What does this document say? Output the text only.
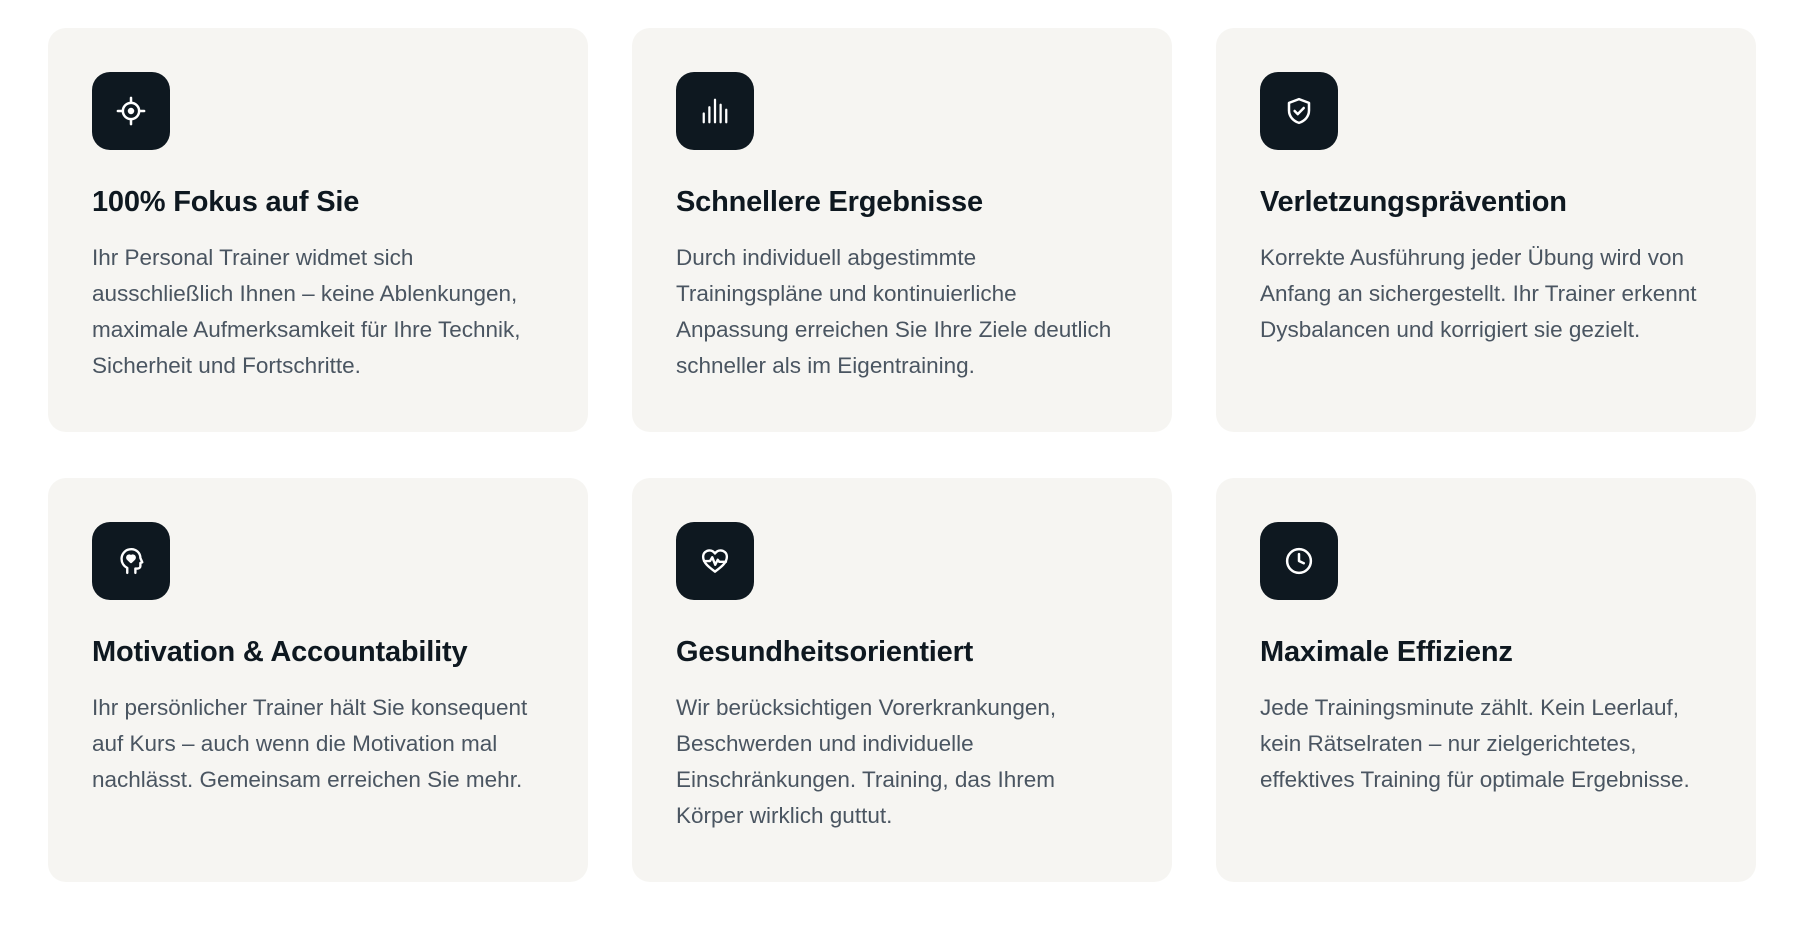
100% Fokus auf Sie

Ihr Personal Trainer widmet sich ausschließlich Ihnen – keine Ablenkungen, maximale Aufmerksamkeit für Ihre Technik, Sicherheit und Fortschritte.

Schnellere Ergebnisse

Durch individuell abgestimmte Trainingspläne und kontinuierliche Anpassung erreichen Sie Ihre Ziele deutlich schneller als im Eigentraining.

Verletzungsprävention

Korrekte Ausführung jeder Übung wird von Anfang an sichergestellt. Ihr Trainer erkennt Dysbalancen und korrigiert sie gezielt.

Motivation & Accountability

Ihr persönlicher Trainer hält Sie konsequent auf Kurs – auch wenn die Motivation mal nachlässt. Gemeinsam erreichen Sie mehr.

Gesundheitsorientiert

Wir berücksichtigen Vorerkrankungen, Beschwerden und individuelle Einschränkungen. Training, das Ihrem Körper wirklich guttut.

Maximale Effizienz

Jede Trainingsminute zählt. Kein Leerlauf, kein Rätselraten – nur zielgerichtetes, effektives Training für optimale Ergebnisse.
